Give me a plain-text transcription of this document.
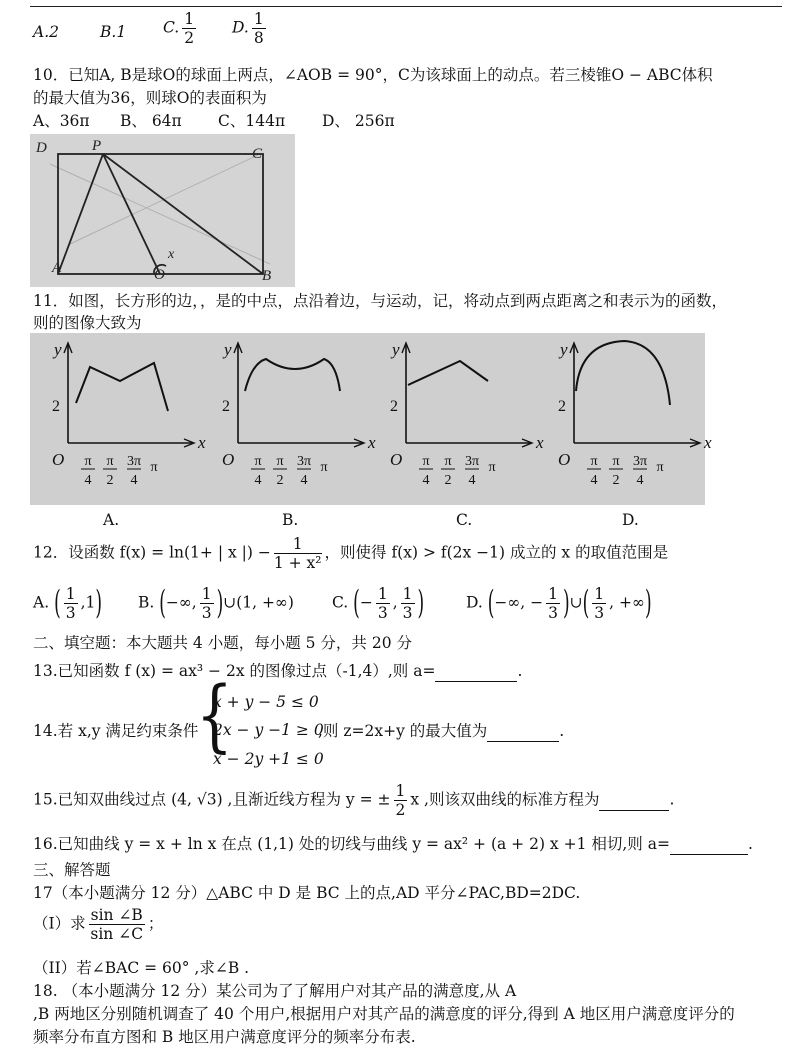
A.2	B.1 C. $\frac{1}{2} D$. $\frac{1}{8}$
10．已知A, B是球O的球面上两点，∠AOB = 90°，C为该球面上的动点。若三棱锥O − ABC体积
的最大值为36，则球O的表面积为
A、36π B、 64π C、144π D、 256π
D	P	C
A	O	B
x
11．如图，长方形的边，，是的中点，点沿着边，与运动，记，将动点到两点距离之和表示为的函数，
则的图像大致为
y
x
O
2
π
4
π
2
3π
4
π
y
x
O
2
π
4
π
2
3π
4
π
y
x
O
2
π
4
π
2
3π
4
π
y
x
O
2
π
4
π
2
3π
4
π
A.	B.	C.	D.
12．设函数 f(x) = ln(1+ | x |) − $\frac{1}{\text{1 + x²}}$ ，则使得 f(x) > f(2x −1) 成立的 x 的取值范围是
A. ( $\frac{1}{3} ,1$) B. (−∞, $\frac{1}{3}$ )∪(1, +∞) C. (− $\frac{1}{3}$ , $\frac{1}{3}$ )	D. (−∞, − $\frac{1}{3}$ )∪( $\frac{1}{3}$ , +∞)
二、填空题：本大题共 4 小题，每小题 5 分，共 20 分
13.已知函数 f (x) = ax³ − 2x 的图像过点（-1,4）,则 a=	.
14.若 x,y 满足约束条件
{
x + y − 5 ≤ 0
2x − y −1 ≥ 0
x − 2y +1 ≤ 0
,则 z=2x+y 的最大值为	.
15.已知双曲线过点 (4, √3) ,且渐近线方程为 y = ± $\frac{1}{2}$ x ,则该双曲线的标准方程为	.
16.已知曲线 y = x + ln x 在点 (1,1) 处的切线与曲线 y = ax² + (a + 2) x +1 相切,则 a=	.
三、解答题
17（本小题满分 12 分）△ABC 中 D 是 BC 上的点,AD 平分∠PAC,BD=2DC.
（I）求 $\frac{\sin \angle B}{\sin \angle C}$ ；
（II）若∠BAC = 60° ,求∠B .
18. （本小题满分 12 分）某公司为了了解用户对其产品的满意度,从 A
,B 两地区分别随机调查了 40 个用户,根据用户对其产品的满意度的评分,得到 A 地区用户满意度评分的
频率分布直方图和 B 地区用户满意度评分的频率分布表.
